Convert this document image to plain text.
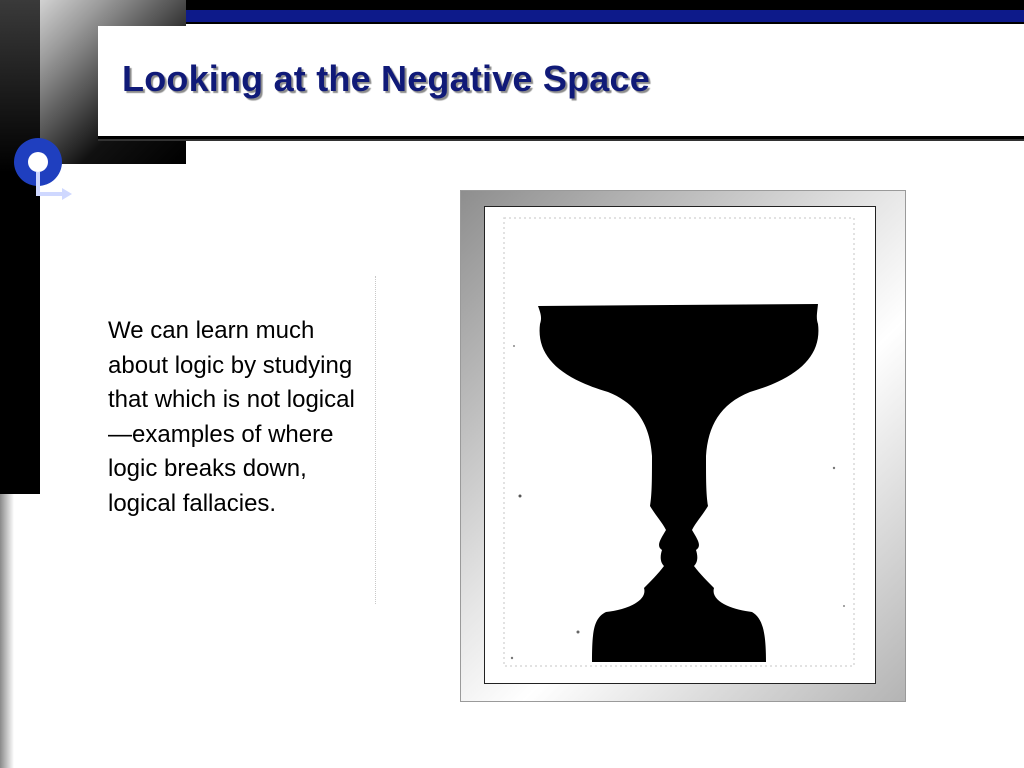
Looking at the Negative Space

We can learn much about logic by studying that which is not logical—examples of where logic breaks down, logical fallacies.
